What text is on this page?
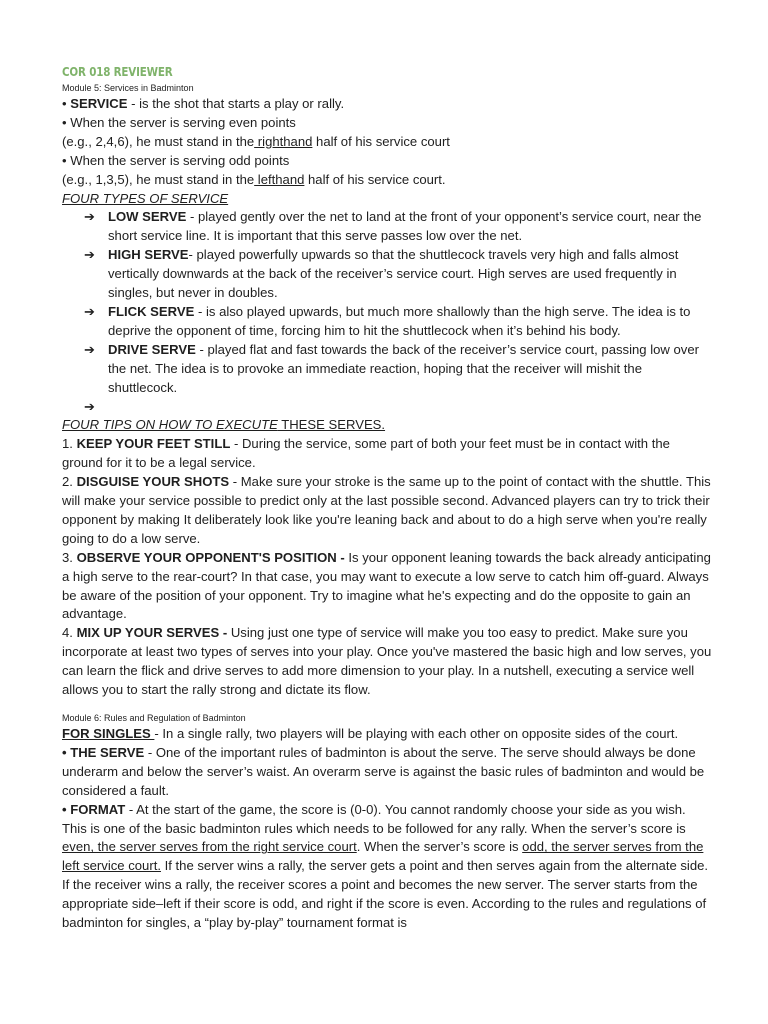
COR 018 REVIEWER
Module 5: Services in Badminton

• SERVICE - is the shot that starts a play or rally.

• When the server is serving even points

(e.g., 2,4,6), he must stand in the righthand half of his service court

• When the server is serving odd points

(e.g., 1,3,5), he must stand in the lefthand half of his service court.

FOUR TYPES OF SERVICE

➔ LOW SERVE - played gently over the net to land at the front of your opponent’s service court, near the short service line. It is important that this serve passes low over the net.
➔ HIGH SERVE- played powerfully upwards so that the shuttlecock travels very high and falls almost vertically downwards at the back of the receiver’s service court. High serves are used frequently in singles, but never in doubles.
➔ FLICK SERVE - is also played upwards, but much more shallowly than the high serve. The idea is to deprive the opponent of time, forcing him to hit the shuttlecock when it’s behind his body.
➔ DRIVE SERVE - played flat and fast towards the back of the receiver’s service court, passing low over the net. The idea is to provoke an immediate reaction, hoping that the receiver will mishit the shuttlecock.
➔

FOUR TIPS ON HOW TO EXECUTE THESE SERVES.

1. KEEP YOUR FEET STILL - During the service, some part of both your feet must be in contact with the ground for it to be a legal service.

2. DISGUISE YOUR SHOTS - Make sure your stroke is the same up to the point of contact with the shuttle. This will make your service possible to predict only at the last possible second. Advanced players can try to trick their opponent by making It deliberately look like you're leaning back and about to do a high serve when you're really going to do a low serve.

3. OBSERVE YOUR OPPONENT'S POSITION - Is your opponent leaning towards the back already anticipating a high serve to the rear-court? In that case, you may want to execute a low serve to catch him off-guard. Always be aware of the position of your opponent. Try to imagine what he's expecting and do the opposite to gain an advantage.

4. MIX UP YOUR SERVES - Using just one type of service will make you too easy to predict. Make sure you incorporate at least two types of serves into your play. Once you've mastered the basic high and low serves, you can learn the flick and drive serves to add more dimension to your play. In a nutshell, executing a service well allows you to start the rally strong and dictate its flow.

Module 6: Rules and Regulation of Badminton

FOR SINGLES - In a single rally, two players will be playing with each other on opposite sides of the court.

• THE SERVE - One of the important rules of badminton is about the serve. The serve should always be done underarm and below the server’s waist. An overarm serve is against the basic rules of badminton and would be considered a fault.

• FORMAT - At the start of the game, the score is (0-0). You cannot randomly choose your side as you wish. This is one of the basic badminton rules which needs to be followed for any rally. When the server’s score is even, the server serves from the right service court. When the server’s score is odd, the server serves from the left service court. If the server wins a rally, the server gets a point and then serves again from the alternate side. If the receiver wins a rally, the receiver scores a point and becomes the new server. The server starts from the appropriate side–left if their score is odd, and right if the score is even. According to the rules and regulations of badminton for singles, a “play by-play” tournament format is
